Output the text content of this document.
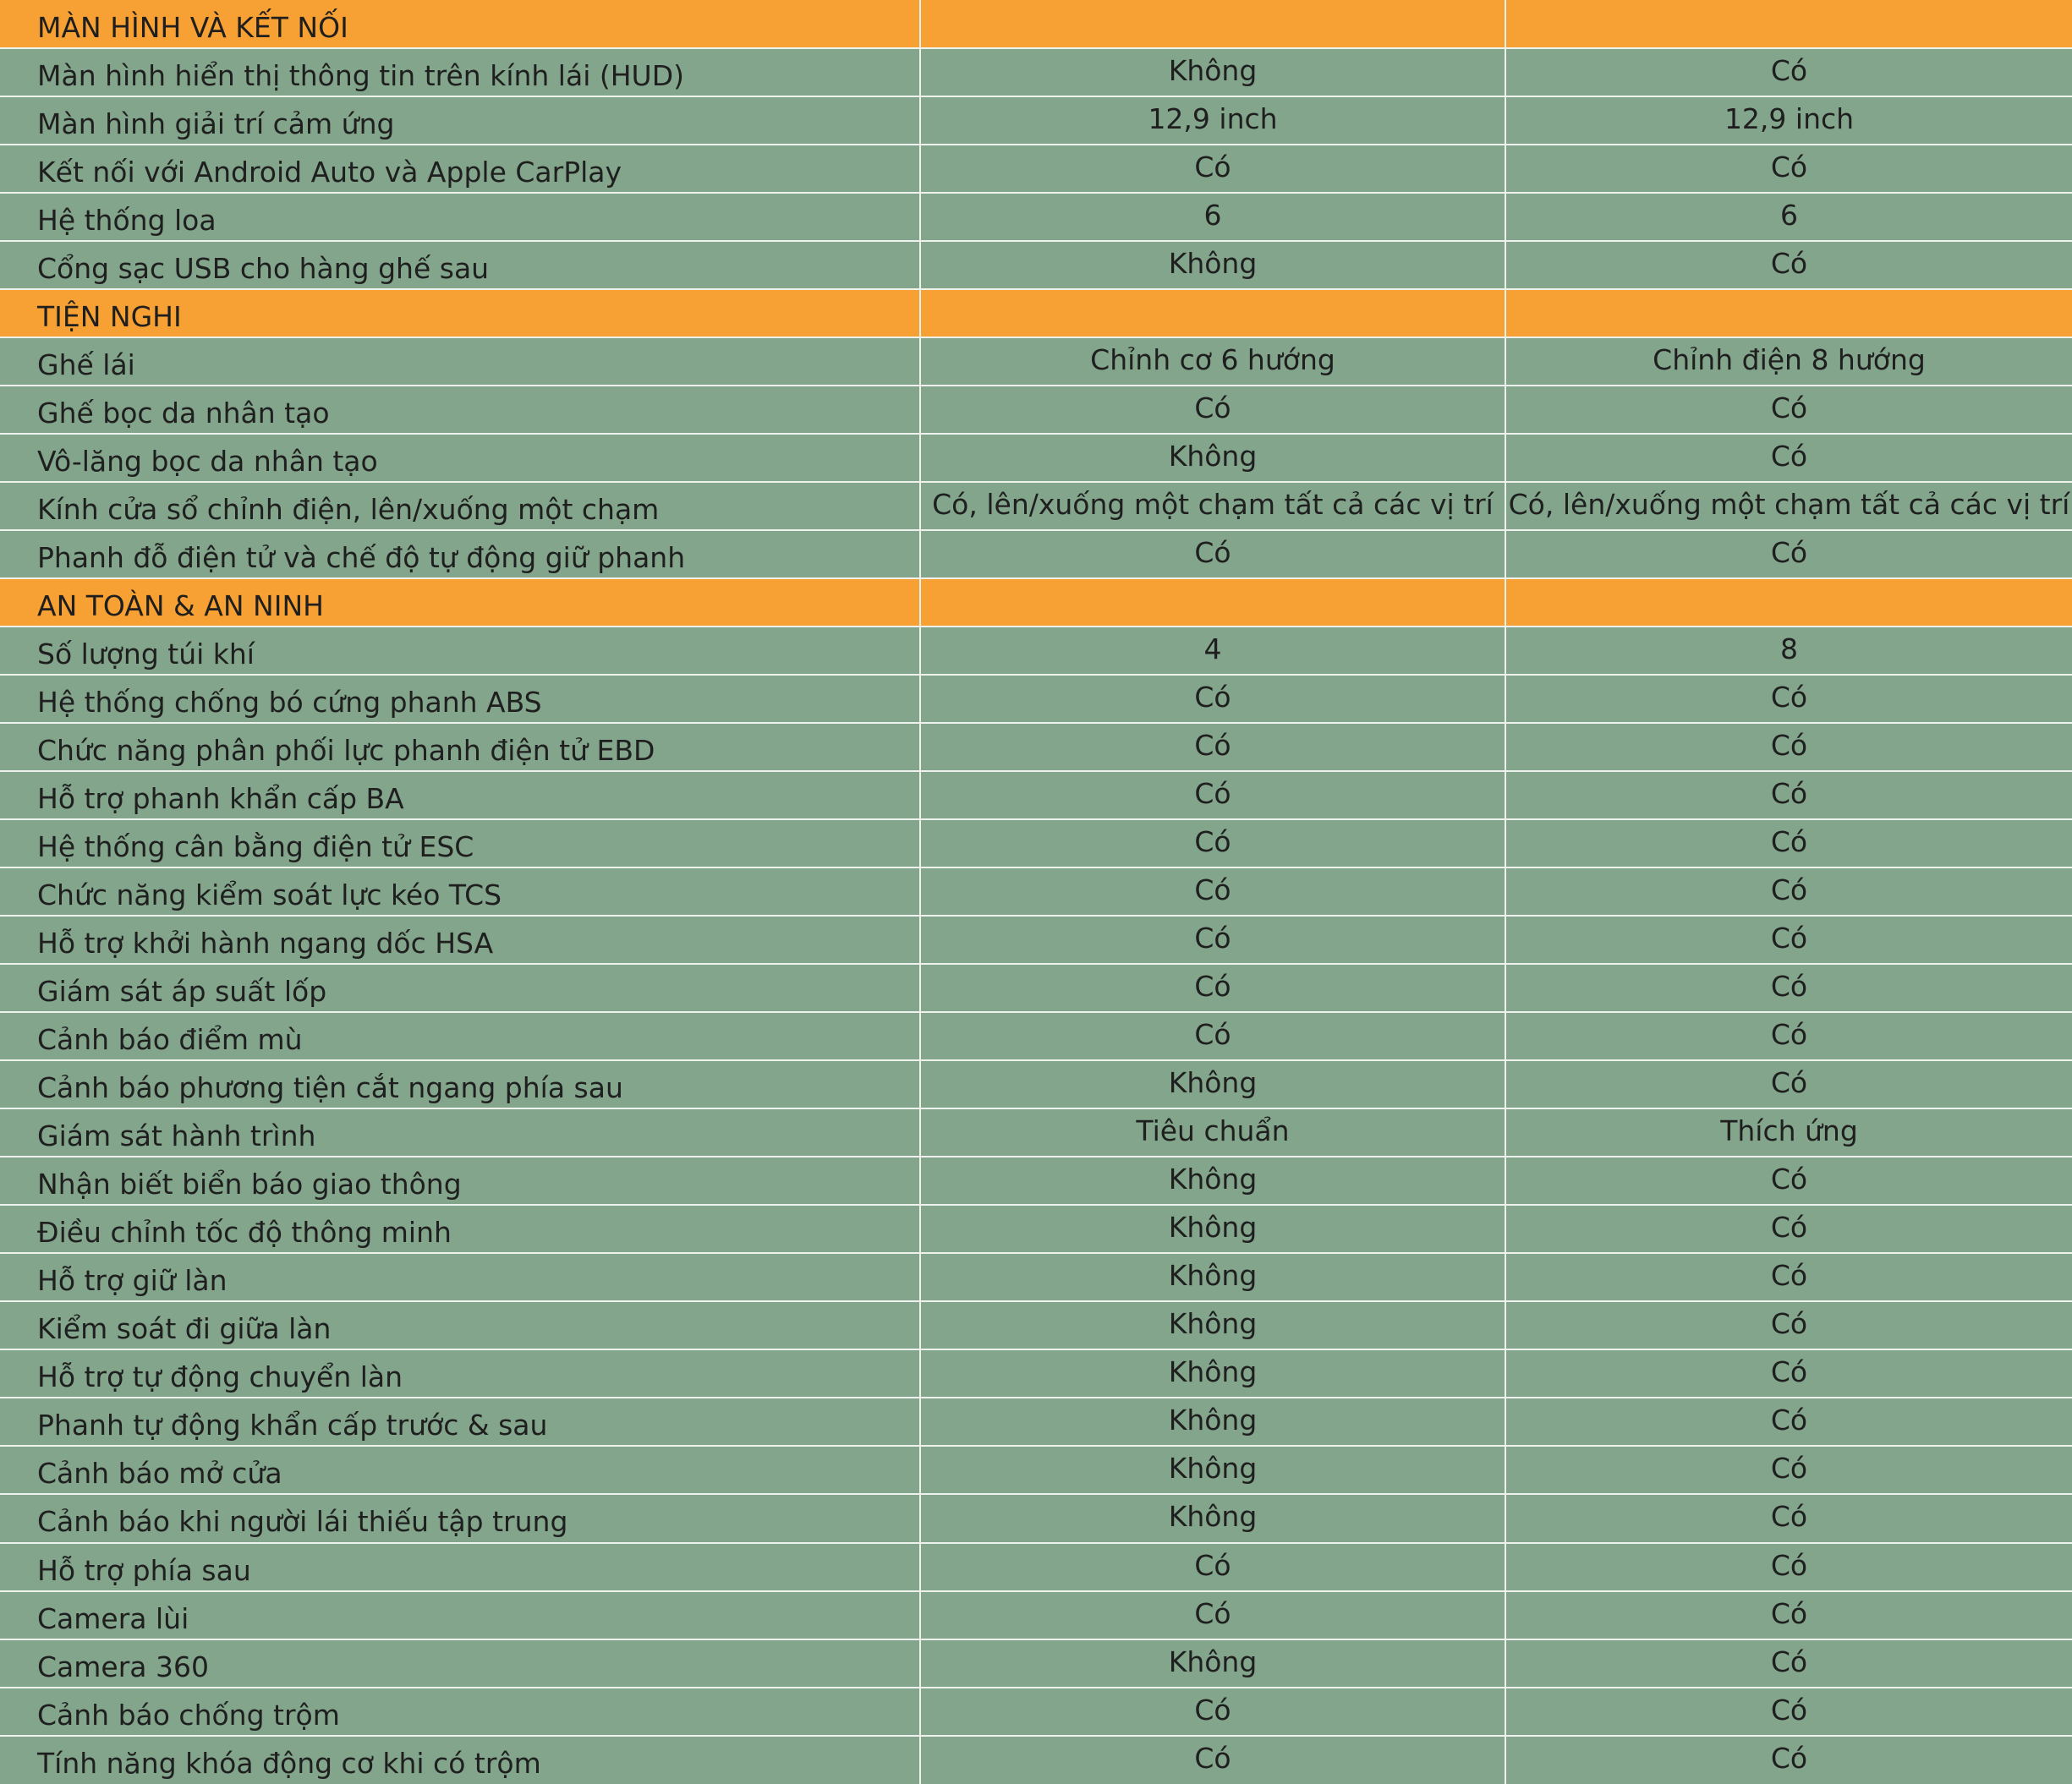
MÀN HÌNH VÀ KẾT NỐI		
Màn hình hiển thị thông tin trên kính lái (HUD)	Không	Có
Màn hình giải trí cảm ứng	12,9 inch	12,9 inch
Kết nối với Android Auto và Apple CarPlay	Có	Có
Hệ thống loa	6	6
Cổng sạc USB cho hàng ghế sau	Không	Có
TIỆN NGHI		
Ghế lái	Chỉnh cơ 6 hướng	Chỉnh điện 8 hướng
Ghế bọc da nhân tạo	Có	Có
Vô-lăng bọc da nhân tạo	Không	Có
Kính cửa sổ chỉnh điện, lên/xuống một chạm	Có, lên/xuống một chạm tất cả các vị trí	Có, lên/xuống một chạm tất cả các vị trí
Phanh đỗ điện tử và chế độ tự động giữ phanh	Có	Có
AN TOÀN & AN NINH		
Số lượng túi khí	4	8
Hệ thống chống bó cứng phanh ABS	Có	Có
Chức năng phân phối lực phanh điện tử EBD	Có	Có
Hỗ trợ phanh khẩn cấp BA	Có	Có
Hệ thống cân bằng điện tử ESC	Có	Có
Chức năng kiểm soát lực kéo TCS	Có	Có
Hỗ trợ khởi hành ngang dốc HSA	Có	Có
Giám sát áp suất lốp	Có	Có
Cảnh báo điểm mù	Có	Có
Cảnh báo phương tiện cắt ngang phía sau	Không	Có
Giám sát hành trình	Tiêu chuẩn	Thích ứng
Nhận biết biển báo giao thông	Không	Có
Điều chỉnh tốc độ thông minh	Không	Có
Hỗ trợ giữ làn	Không	Có
Kiểm soát đi giữa làn	Không	Có
Hỗ trợ tự động chuyển làn	Không	Có
Phanh tự động khẩn cấp trước & sau	Không	Có
Cảnh báo mở cửa	Không	Có
Cảnh báo khi người lái thiếu tập trung	Không	Có
Hỗ trợ phía sau	Có	Có
Camera lùi	Có	Có
Camera 360	Không	Có
Cảnh báo chống trộm	Có	Có
Tính năng khóa động cơ khi có trộm	Có	Có
